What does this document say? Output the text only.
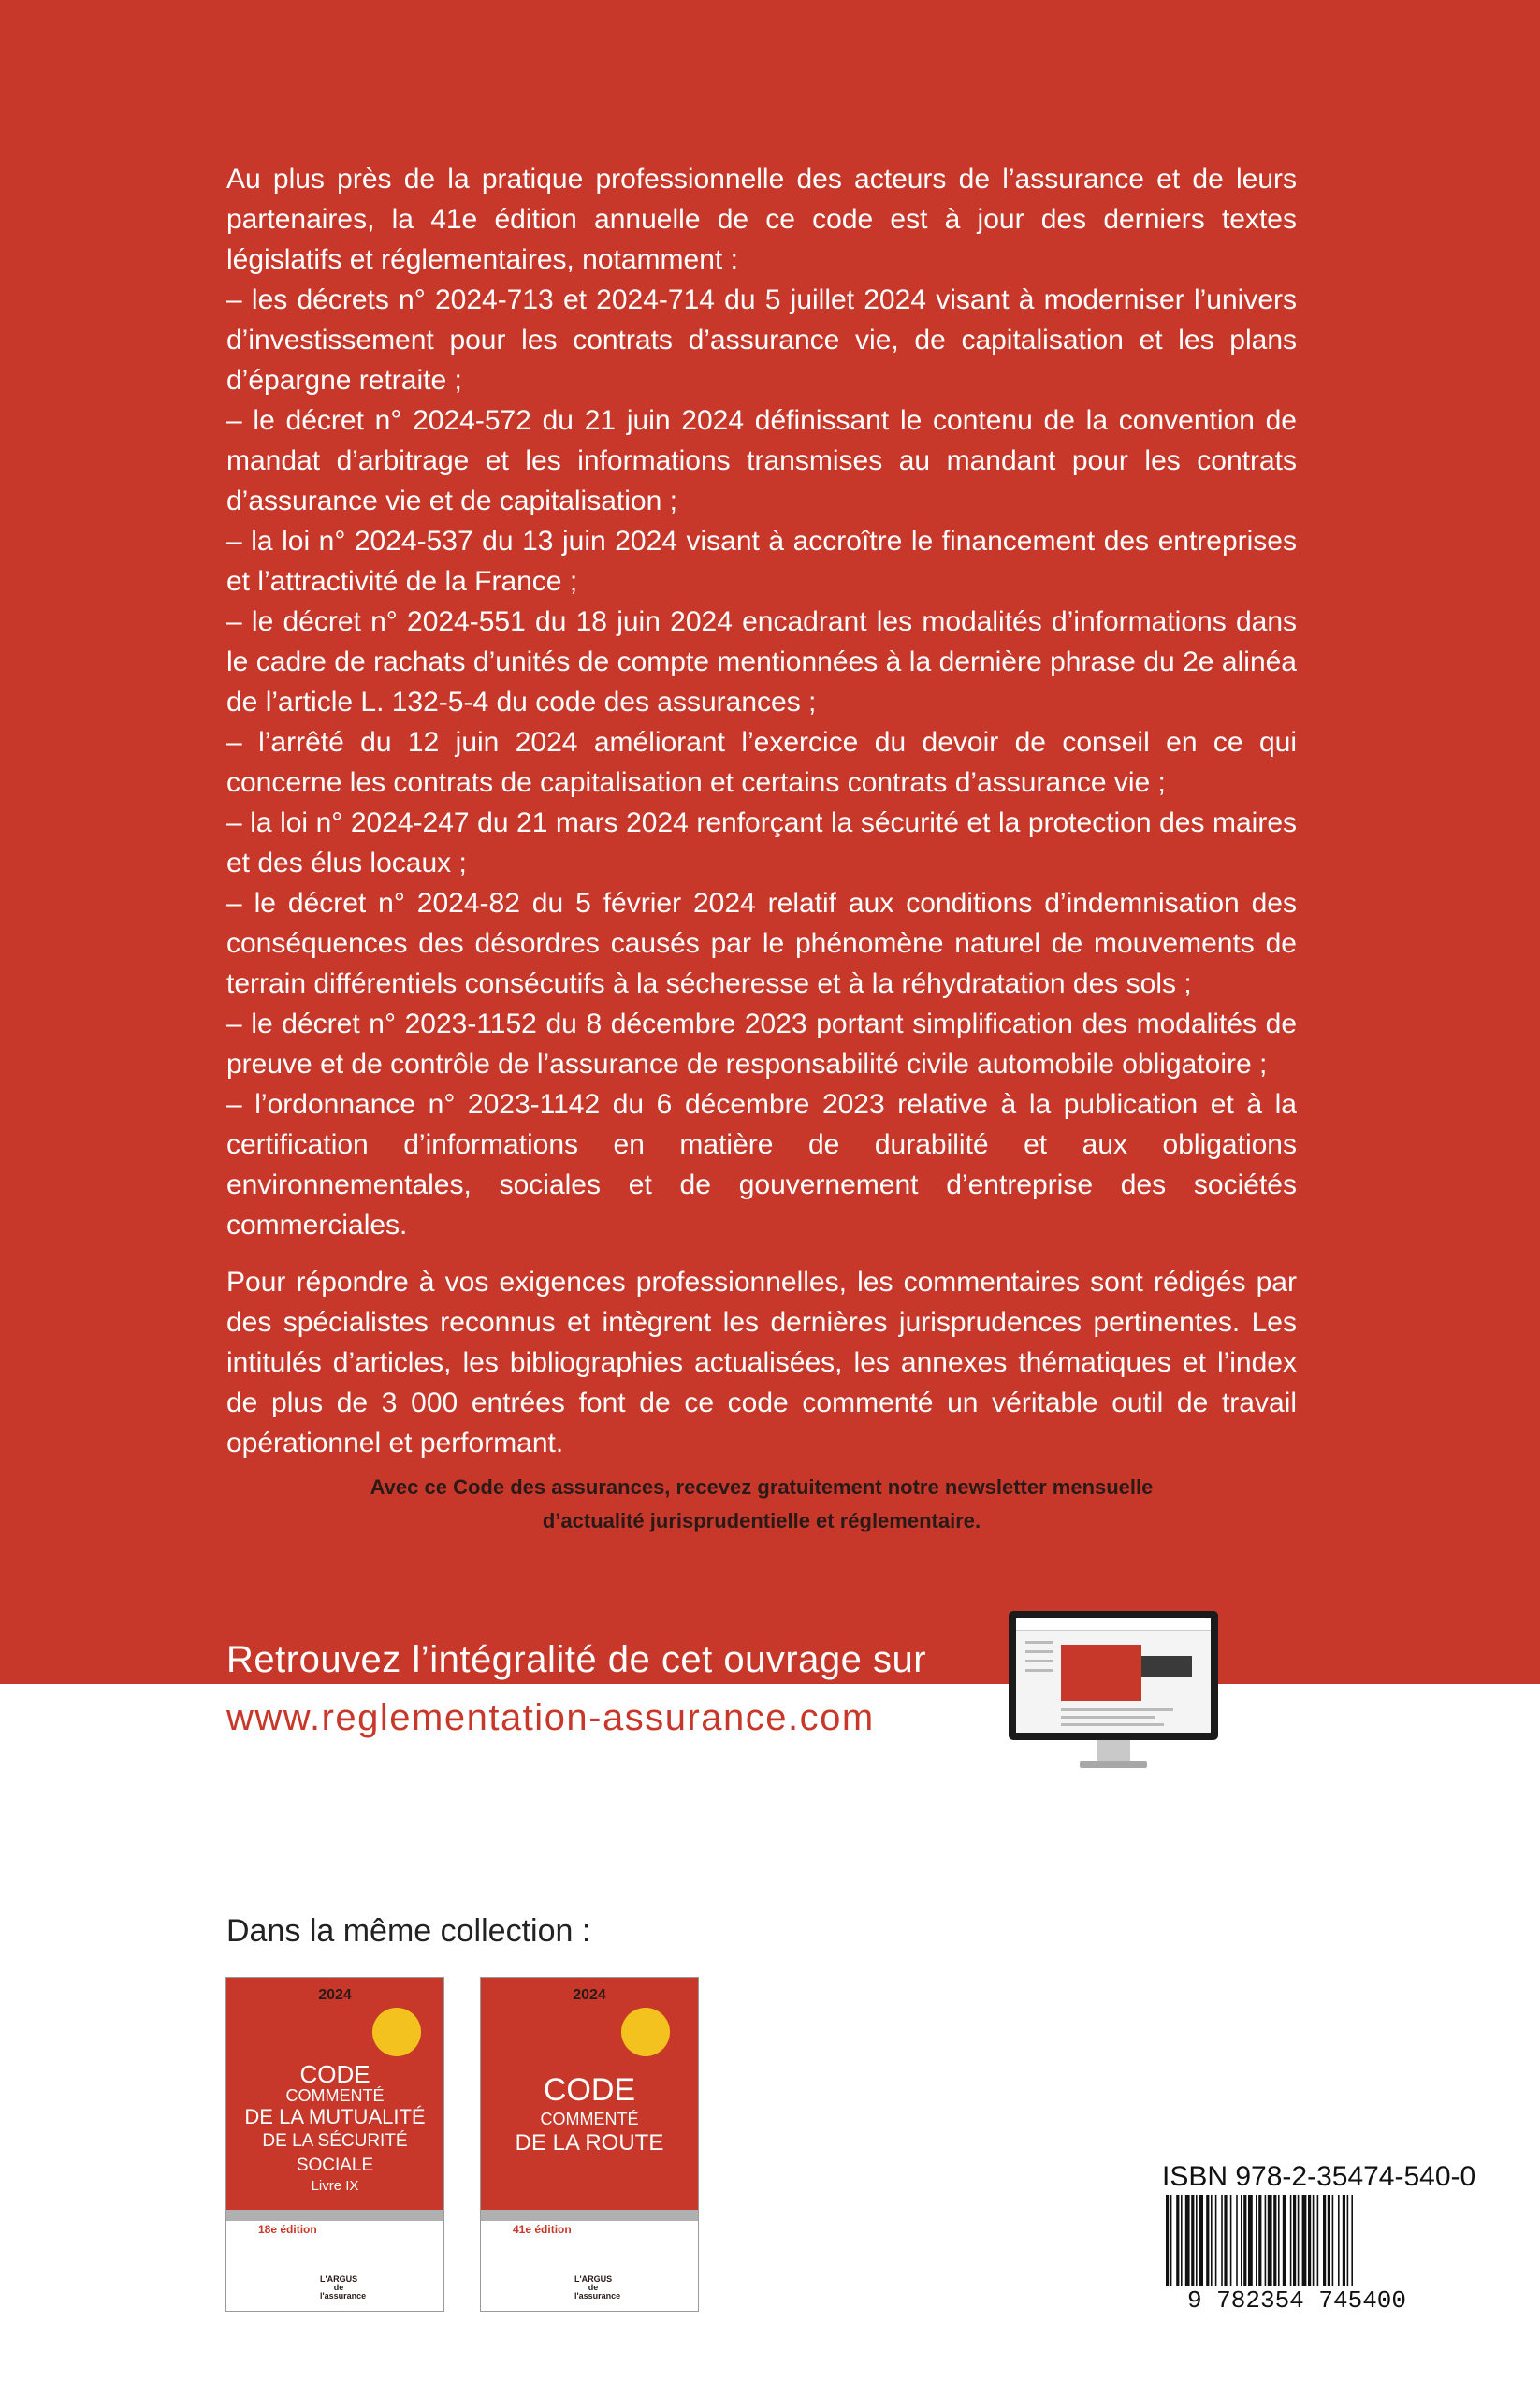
Au plus près de la pratique professionnelle des acteurs de l’assurance et de leurs partenaires, la 41e édition annuelle de ce code est à jour des derniers textes législatifs et réglementaires, notamment :

– les décrets n° 2024-713 et 2024-714 du 5 juillet 2024 visant à moderniser l’univers d’investissement pour les contrats d’assurance vie, de capitalisation et les plans d’épargne retraite ;

– le décret n° 2024-572 du 21 juin 2024 définissant le contenu de la convention de mandat d’arbitrage et les informations transmises au mandant pour les contrats d’assurance vie et de capitalisation ;

– la loi n° 2024-537 du 13 juin 2024 visant à accroître le financement des entreprises et l’attractivité de la France ;

– le décret n° 2024-551 du 18 juin 2024 encadrant les modalités d’informations dans le cadre de rachats d’unités de compte mentionnées à la dernière phrase du 2e alinéa de l’article L. 132-5-4 du code des assurances ;

– l’arrêté du 12 juin 2024 améliorant l’exercice du devoir de conseil en ce qui concerne les contrats de capitalisation et certains contrats d’assurance vie ;

– la loi n° 2024-247 du 21 mars 2024 renforçant la sécurité et la protection des maires et des élus locaux ;

– le décret n° 2024-82 du 5 février 2024 relatif aux conditions d’indemnisation des conséquences des désordres causés par le phénomène naturel de mouvements de terrain différentiels consécutifs à la sécheresse et à la réhydratation des sols ;

– le décret n° 2023-1152 du 8 décembre 2023 portant simplification des modalités de preuve et de contrôle de l’assurance de responsabilité civile automobile obligatoire ;

– l’ordonnance n° 2023-1142 du 6 décembre 2023 relative à la publication et à la certification d’informations en matière de durabilité et aux obligations environnementales, sociales et de gouvernement d’entreprise des sociétés commerciales.

Pour répondre à vos exigences professionnelles, les commentaires sont rédigés par des spécialistes reconnus et intègrent les dernières jurisprudences pertinentes. Les intitulés d’articles, les bibliographies actualisées, les annexes thématiques et l’index de plus de 3 000 entrées font de ce code commenté un véritable outil de travail opérationnel et performant.

Avec ce Code des assurances, recevez gratuitement notre newsletter mensuelle
d’actualité jurisprudentielle et réglementaire.
Retrouvez l’intégralité de cet ouvrage sur
www.reglementation-assurance.com
Dans la même collection :
2024
CODE
COMMENTÉ
DE LA MUTUALITÉ
DE LA SÉCURITÉ SOCIALE
Livre IX
18e édition
L'ARGUS de l'assurance
2024
CODE
COMMENTÉ
DE LA ROUTE
41e édition
L'ARGUS de l'assurance
ISBN 978-2-35474-540-0
9 782354 745400
